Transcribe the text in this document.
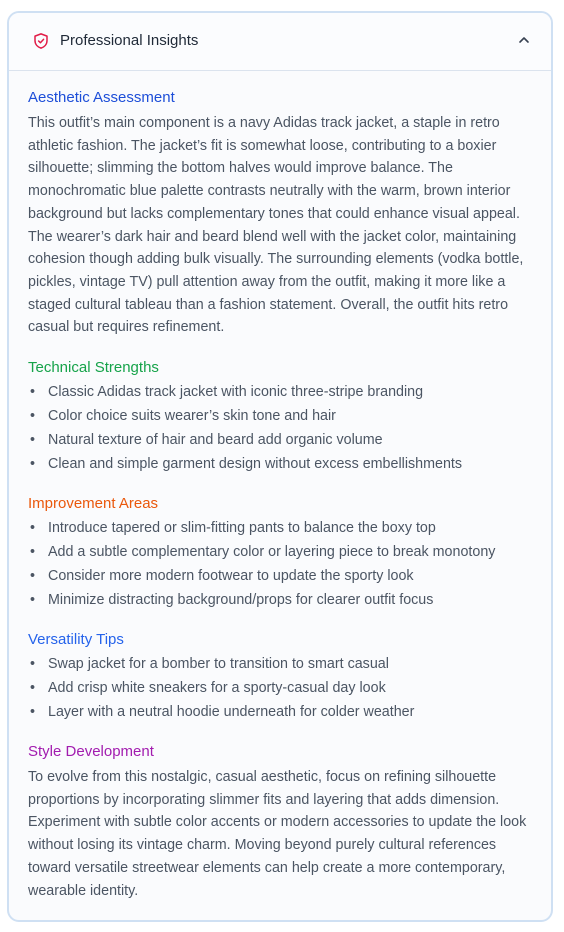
Professional Insights
Aesthetic Assessment

This outfit’s main component is a navy Adidas track jacket, a staple in retro athletic fashion. The jacket’s fit is somewhat loose, contributing to a boxier silhouette; slimming the bottom halves would improve balance. The monochromatic blue palette contrasts neutrally with the warm, brown interior background but lacks complementary tones that could enhance visual appeal. The wearer’s dark hair and beard blend well with the jacket color, maintaining cohesion though adding bulk visually. The surrounding elements (vodka bottle, pickles, vintage TV) pull attention away from the outfit, making it more like a staged cultural tableau than a fashion statement. Overall, the outfit hits retro casual but requires refinement.

Technical Strengths
• Classic Adidas track jacket with iconic three-stripe branding
• Color choice suits wearer’s skin tone and hair
• Natural texture of hair and beard add organic volume
• Clean and simple garment design without excess embellishments
Improvement Areas
• Introduce tapered or slim-fitting pants to balance the boxy top
• Add a subtle complementary color or layering piece to break monotony
• Consider more modern footwear to update the sporty look
• Minimize distracting background/props for clearer outfit focus
Versatility Tips
• Swap jacket for a bomber to transition to smart casual
• Add crisp white sneakers for a sporty-casual day look
• Layer with a neutral hoodie underneath for colder weather
Style Development

To evolve from this nostalgic, casual aesthetic, focus on refining silhouette proportions by incorporating slimmer fits and layering that adds dimension. Experiment with subtle color accents or modern accessories to update the look without losing its vintage charm. Moving beyond purely cultural references toward versatile streetwear elements can help create a more contemporary, wearable identity.
